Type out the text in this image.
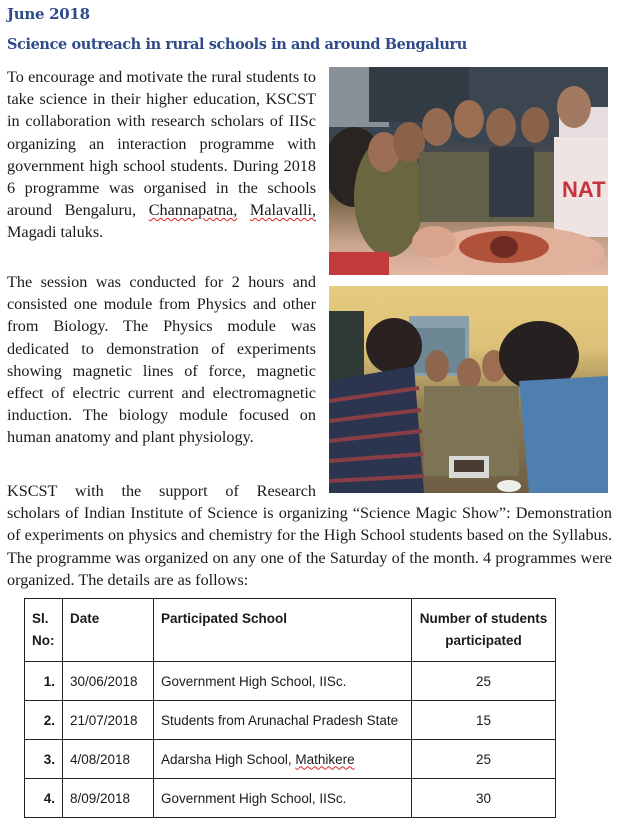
June 2018
Science outreach in rural schools in and around Bengaluru

To encourage and motivate the rural students to take science in their higher education, KSCST in collaboration with research scholars of IISc organizing an interaction programme with government high school students. During 2018 6 programme was organised in the schools around Bengaluru, Channapatna, Malavalli, Magadi taluks.

The session was conducted for 2 hours and consisted one module from Physics and other from Biology. The Physics module was dedicated to demonstration of experiments showing magnetic lines of force, magnetic effect of electric current and electromagnetic induction. The biology module focused on human anatomy and plant physiology.

KSCST with the support of Research
scholars of Indian Institute of Science is organizing “Science Magic Show”: Demonstration of experiments on physics and chemistry for the High School students based on the Syllabus. The programme was organized on any one of the Saturday of the month. 4 programmes were organized. The details are as follows:

NAT
Sl.
No:	Date	Participated School	Number of students
participated
1.	30/06/2018	Government High School, IISc.	25
2.	21/07/2018	Students from Arunachal Pradesh State	15
3.	4/08/2018	Adarsha High School, Mathikere	25
4.	8/09/2018	Government High School, IISc.	30
